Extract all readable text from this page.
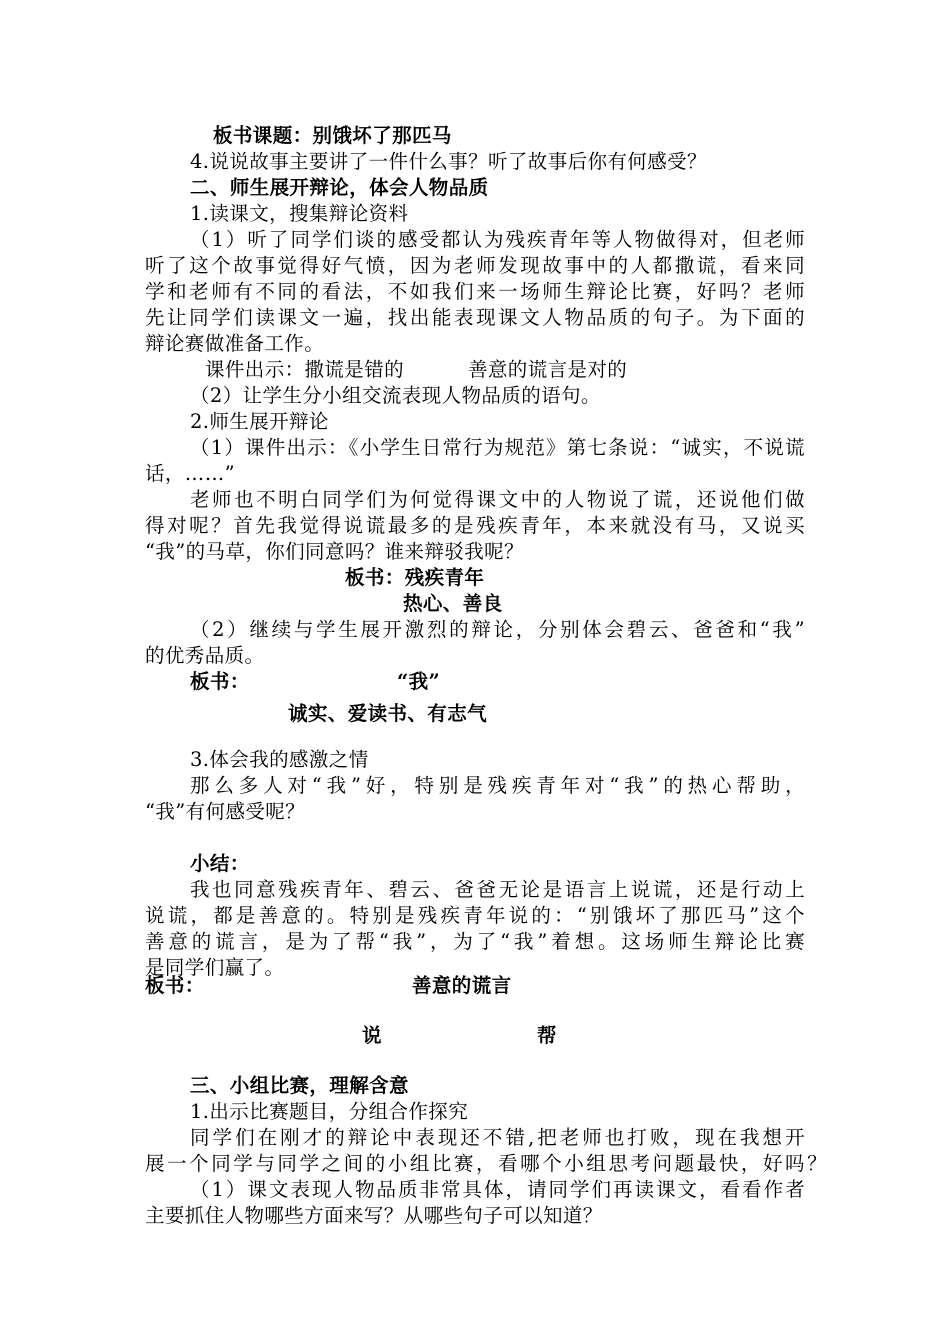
板书课题：别饿坏了那匹马
4.说说故事主要讲了一件什么事？听了故事后你有何感受？
二、师生展开辩论，体会人物品质
1.读课文，搜集辩论资料
（1）听了同学们谈的感受都认为残疾青年等人物做得对，但老师
听了这个故事觉得好气愤，因为老师发现故事中的人都撒谎，看来同
学和老师有不同的看法，不如我们来一场师生辩论比赛，好吗？老师
先让同学们读课文一遍，找出能表现课文人物品质的句子。为下面的
辩论赛做准备工作。
课件出示：撒谎是错的	善意的谎言是对的
（2）让学生分小组交流表现人物品质的语句。
2.师生展开辩论
（1）课件出示：《小学生日常行为规范》第七条说：“诚实，不说谎
话，……”
老师也不明白同学们为何觉得课文中的人物说了谎，还说他们做
得对呢？首先我觉得说谎最多的是残疾青年，本来就没有马，又说买
“我”的马草，你们同意吗？谁来辩驳我呢？
板书：残疾青年
热心、善良
（2）继续与学生展开激烈的辩论，分别体会碧云、爸爸和“我”
的优秀品质。
板书：	“我”
诚实、爱读书、有志气
3.体会我的感激之情
那么多人对“我”好，特别是残疾青年对“我”的热心帮助，
“我”有何感受呢？
小结：
我也同意残疾青年、碧云、爸爸无论是语言上说谎，还是行动上
说谎，都是善意的。特别是残疾青年说的：“别饿坏了那匹马”这个
善意的谎言，是为了帮“我”，为了“我”着想。这场师生辩论比赛
是同学们赢了。
板书：	善意的谎言
说	帮
三、小组比赛，理解含意
1.出示比赛题目，分组合作探究
同学们在刚才的辩论中表现还不错,把老师也打败，现在我想开
展一个同学与同学之间的小组比赛，看哪个小组思考问题最快，好吗？
（1）课文表现人物品质非常具体，请同学们再读课文，看看作者
主要抓住人物哪些方面来写？从哪些句子可以知道？
